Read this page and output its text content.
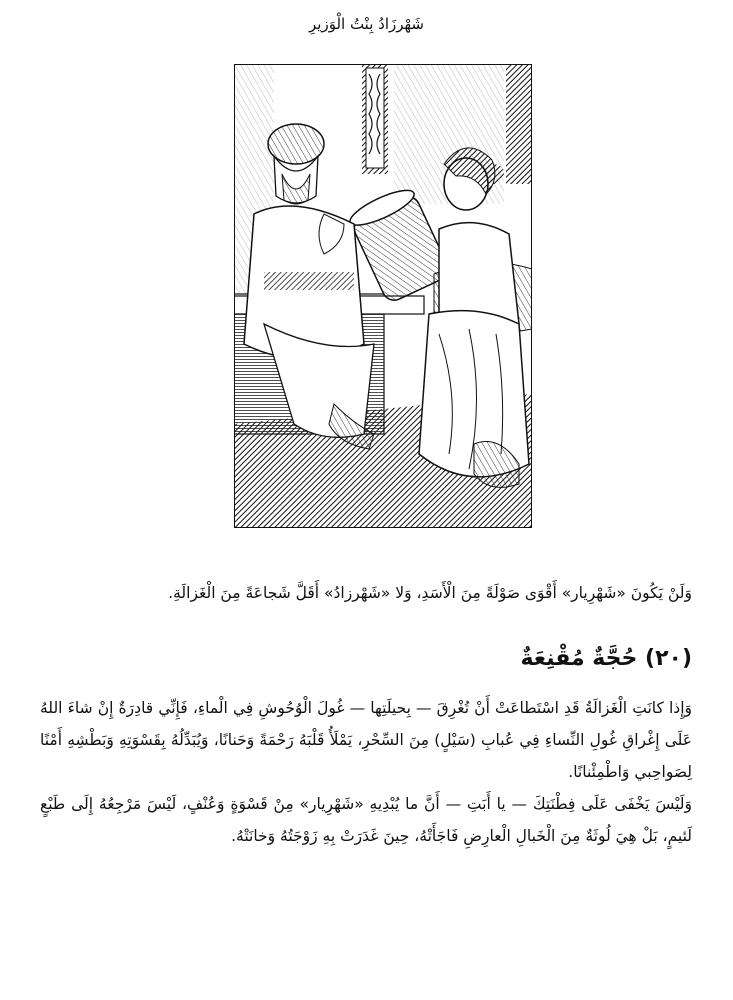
شَهْرزَادُ بِنْتُ الْوَزيرِ
وَلَنْ يَكُونَ «شَهْرِيار» أَقْوَى صَوْلَةً مِنَ الْأَسَدِ، وَلا «شَهْرزادُ» أَقَلَّ شَجاعَةً مِنَ الْغَزالَةِ.
(٢٠) حُجَّةٌ مُقْنِعَةٌ

وَإِذا كانَتِ الْغَزالَةُ قَدِ اسْتَطاعَتْ أَنْ تُغْرِقَ — بِحيلَتِها — غُولَ الْوُحُوشِ فِي الْماءِ، فَإِنِّي قادِرَةٌ إِنْ شاءَ اللهُ عَلَى إِغْراقِ غُولِ النِّساءِ فِي عُبابِ (سَيْلٍ) مِنَ السِّحْرِ، يَمْلَأُ قَلْبَهُ رَحْمَةً وَحَنانًا، وَيُبَدِّلُهُ بِقَسْوَتِهِ وَبَطْشِهِ أَمْنًا لِصَواحِبي وَاطْمِئْنانًا.

وَلَيْسَ يَخْفَى عَلَى فِطْنَتِكَ — يا أَبَتِ — أَنَّ ما يُبْدِيهِ «شَهْرِيار» مِنْ قَسْوَةٍ وَعُنْفٍ، لَيْسَ مَرْجِعُهُ إِلَى طَبْعٍ لَئيمٍ، بَلْ هِيَ لُوثَةٌ مِنَ الْخَبالِ الْعارِضِ فَاجَأَتْهُ، حِينَ غَدَرَتْ بِهِ زَوْجَتُهُ وَخانَتْهُ.
